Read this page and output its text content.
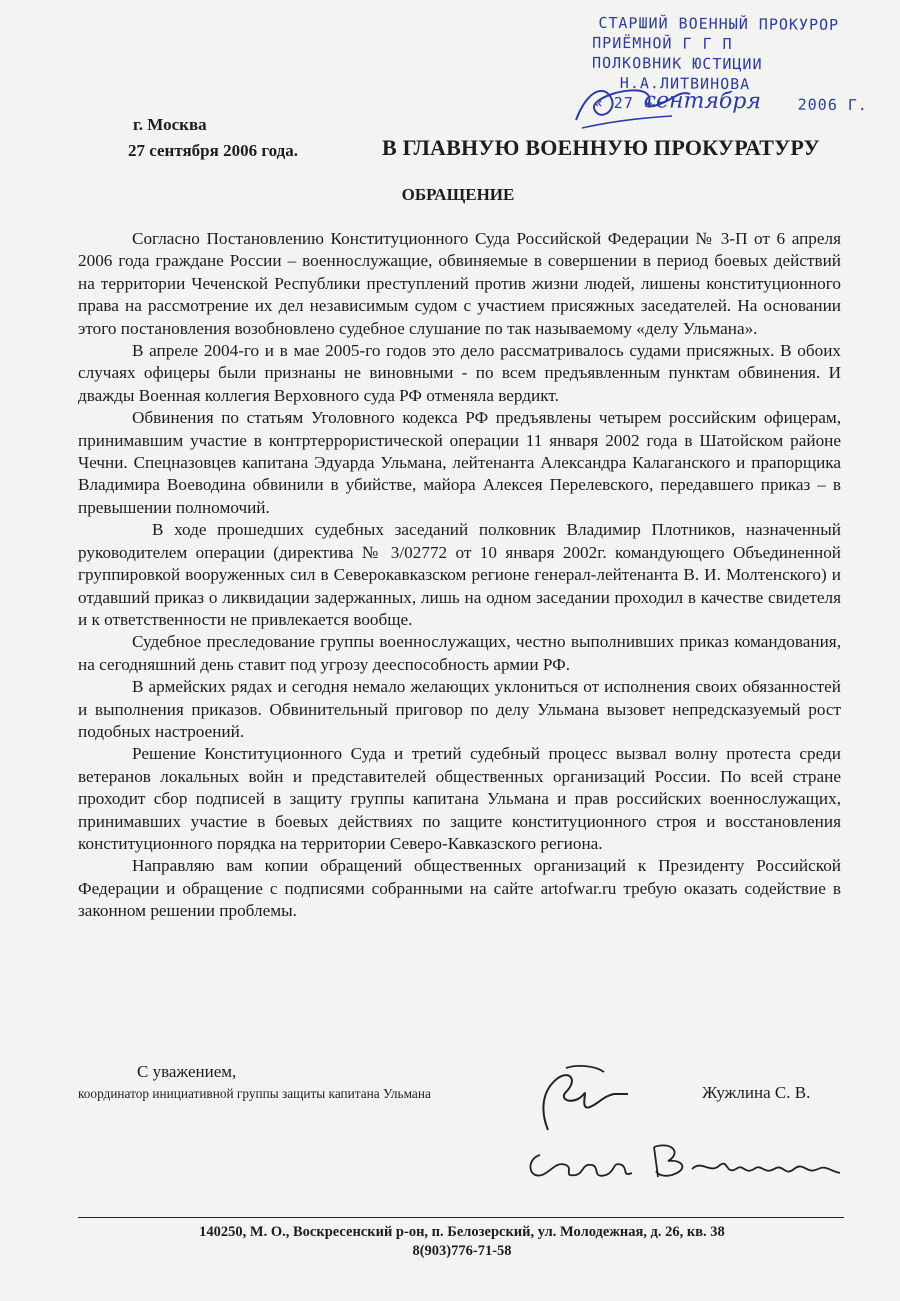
СТАРШИЙ ВОЕННЫЙ ПРОКУРОР
ПРИЁМНОЙ Г Г П
ПОЛКОВНИК ЮСТИЦИИ
Н.А.ЛИТВИНОВА
« 27 »
сентября 2006 Г.
г. Москва
27 сентября 2006 года.	В ГЛАВНУЮ ВОЕННУЮ ПРОКУРАТУРУ
ОБРАЩЕНИЕ

Согласно Постановлению Конституционного Суда Российской Федерации № 3-П от 6 апреля 2006 года граждане России – военнослужащие, обвиняемые в совершении в период боевых действий на территории Чеченской Республики преступлений против жизни людей, лишены конституционного права на рассмотрение их дел независимым судом с участием присяжных заседателей. На основании этого постановления возобновлено судебное слушание по так называемому «делу Ульмана».

В апреле 2004-го и в мае 2005-го годов это дело рассматривалось судами присяжных. В обоих случаях офицеры были признаны не виновными - по всем предъявленным пунктам обвинения. И дважды Военная коллегия Верховного суда РФ отменяла вердикт.

Обвинения по статьям Уголовного кодекса РФ предъявлены четырем российским офицерам, принимавшим участие в контртеррористической операции 11 января 2002 года в Шатойском районе Чечни. Спецназовцев капитана Эдуарда Ульмана, лейтенанта Александра Калаганского и прапорщика Владимира Воеводина обвинили в убийстве, майора Алексея Перелевского, передавшего приказ – в превышении полномочий.

В ходе прошедших судебных заседаний полковник Владимир Плотников, назначенный руководителем операции (директива № 3/02772 от 10 января 2002г. командующего Объединенной группировкой вооруженных сил в Северокавказском регионе генерал-лейтенанта В. И. Молтенского) и отдавший приказ о ликвидации задержанных, лишь на одном заседании проходил в качестве свидетеля и к ответственности не привлекается вообще.

Судебное преследование группы военнослужащих, честно выполнивших приказ командования, на сегодняшний день ставит под угрозу дееспособность армии РФ.

В армейских рядах и сегодня немало желающих уклониться от исполнения своих обязанностей и выполнения приказов. Обвинительный приговор по делу Ульмана вызовет непредсказуемый рост подобных настроений.

Решение Конституционного Суда и третий судебный процесс вызвал волну протеста среди ветеранов локальных войн и представителей общественных организаций России. По всей стране проходит сбор подписей в защиту группы капитана Ульмана и прав российских военнослужащих, принимавших участие в боевых действиях по защите конституционного строя и восстановления конституционного порядка на территории Северо-Кавказского региона.

Направляю вам копии обращений общественных организаций к Президенту Российской Федерации и обращение с подписями собранными на сайте artofwar.ru требую оказать содействие в законном решении проблемы.

С уважением,
координатор инициативной группы защиты капитана Ульмана	Жужлина С. В.
140250, М. О., Воскресенский р-он, п. Белозерский, ул. Молодежная, д. 26, кв. 38
8(903)776-71-58
